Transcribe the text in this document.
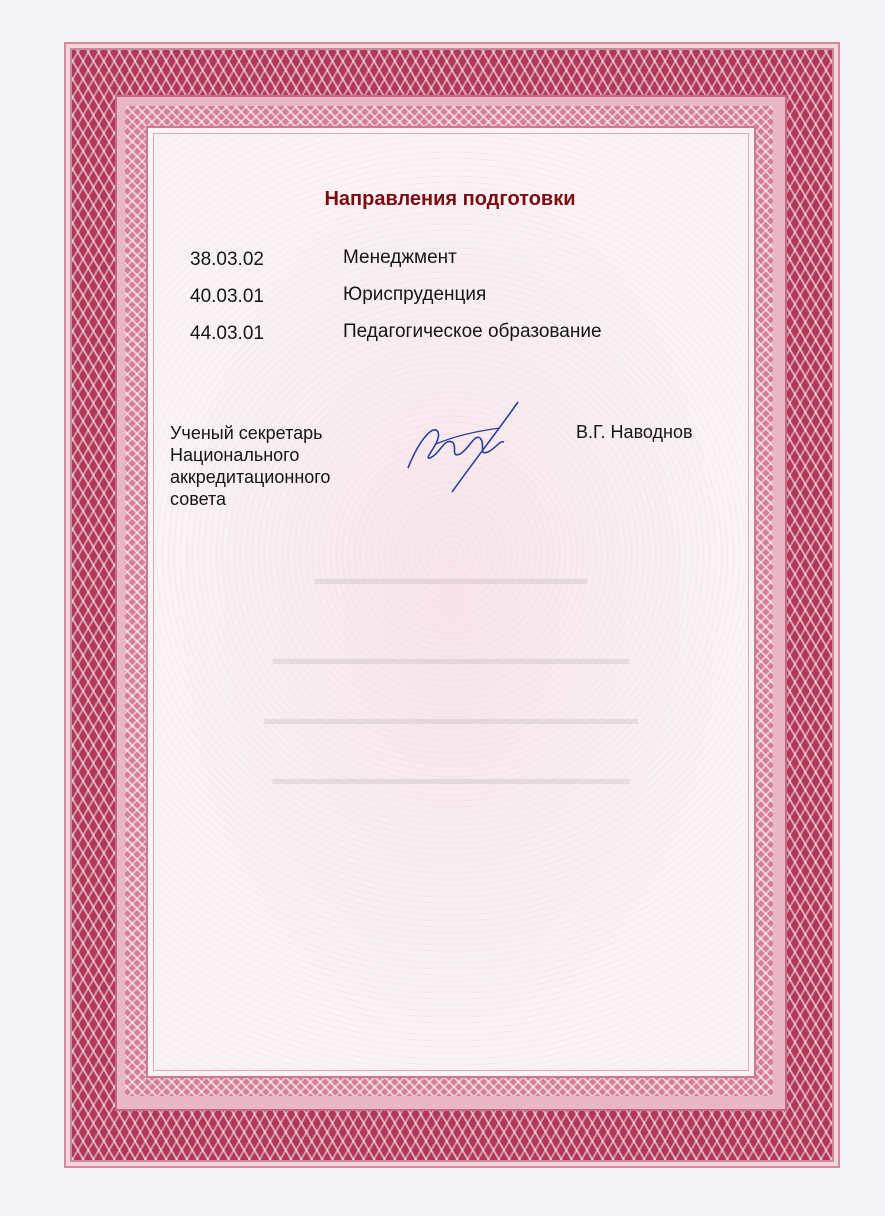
▬▬▬▬▬▬▬▬▬▬▬▬▬▬▬▬
▬▬▬▬▬▬▬▬▬▬▬▬▬▬▬▬▬▬▬▬▬
▬▬▬▬▬▬▬▬▬▬▬▬▬▬▬▬▬▬▬▬▬▬
▬▬▬▬▬▬▬▬▬▬▬▬▬▬▬▬▬▬▬▬▬
Направления подготовки
38.03.02	Менеджмент
40.03.01	Юриспруденция
44.03.01	Педагогическое образование
Ученый секретарь
Национального
аккредитационного
совета
В.Г. Наводнов
